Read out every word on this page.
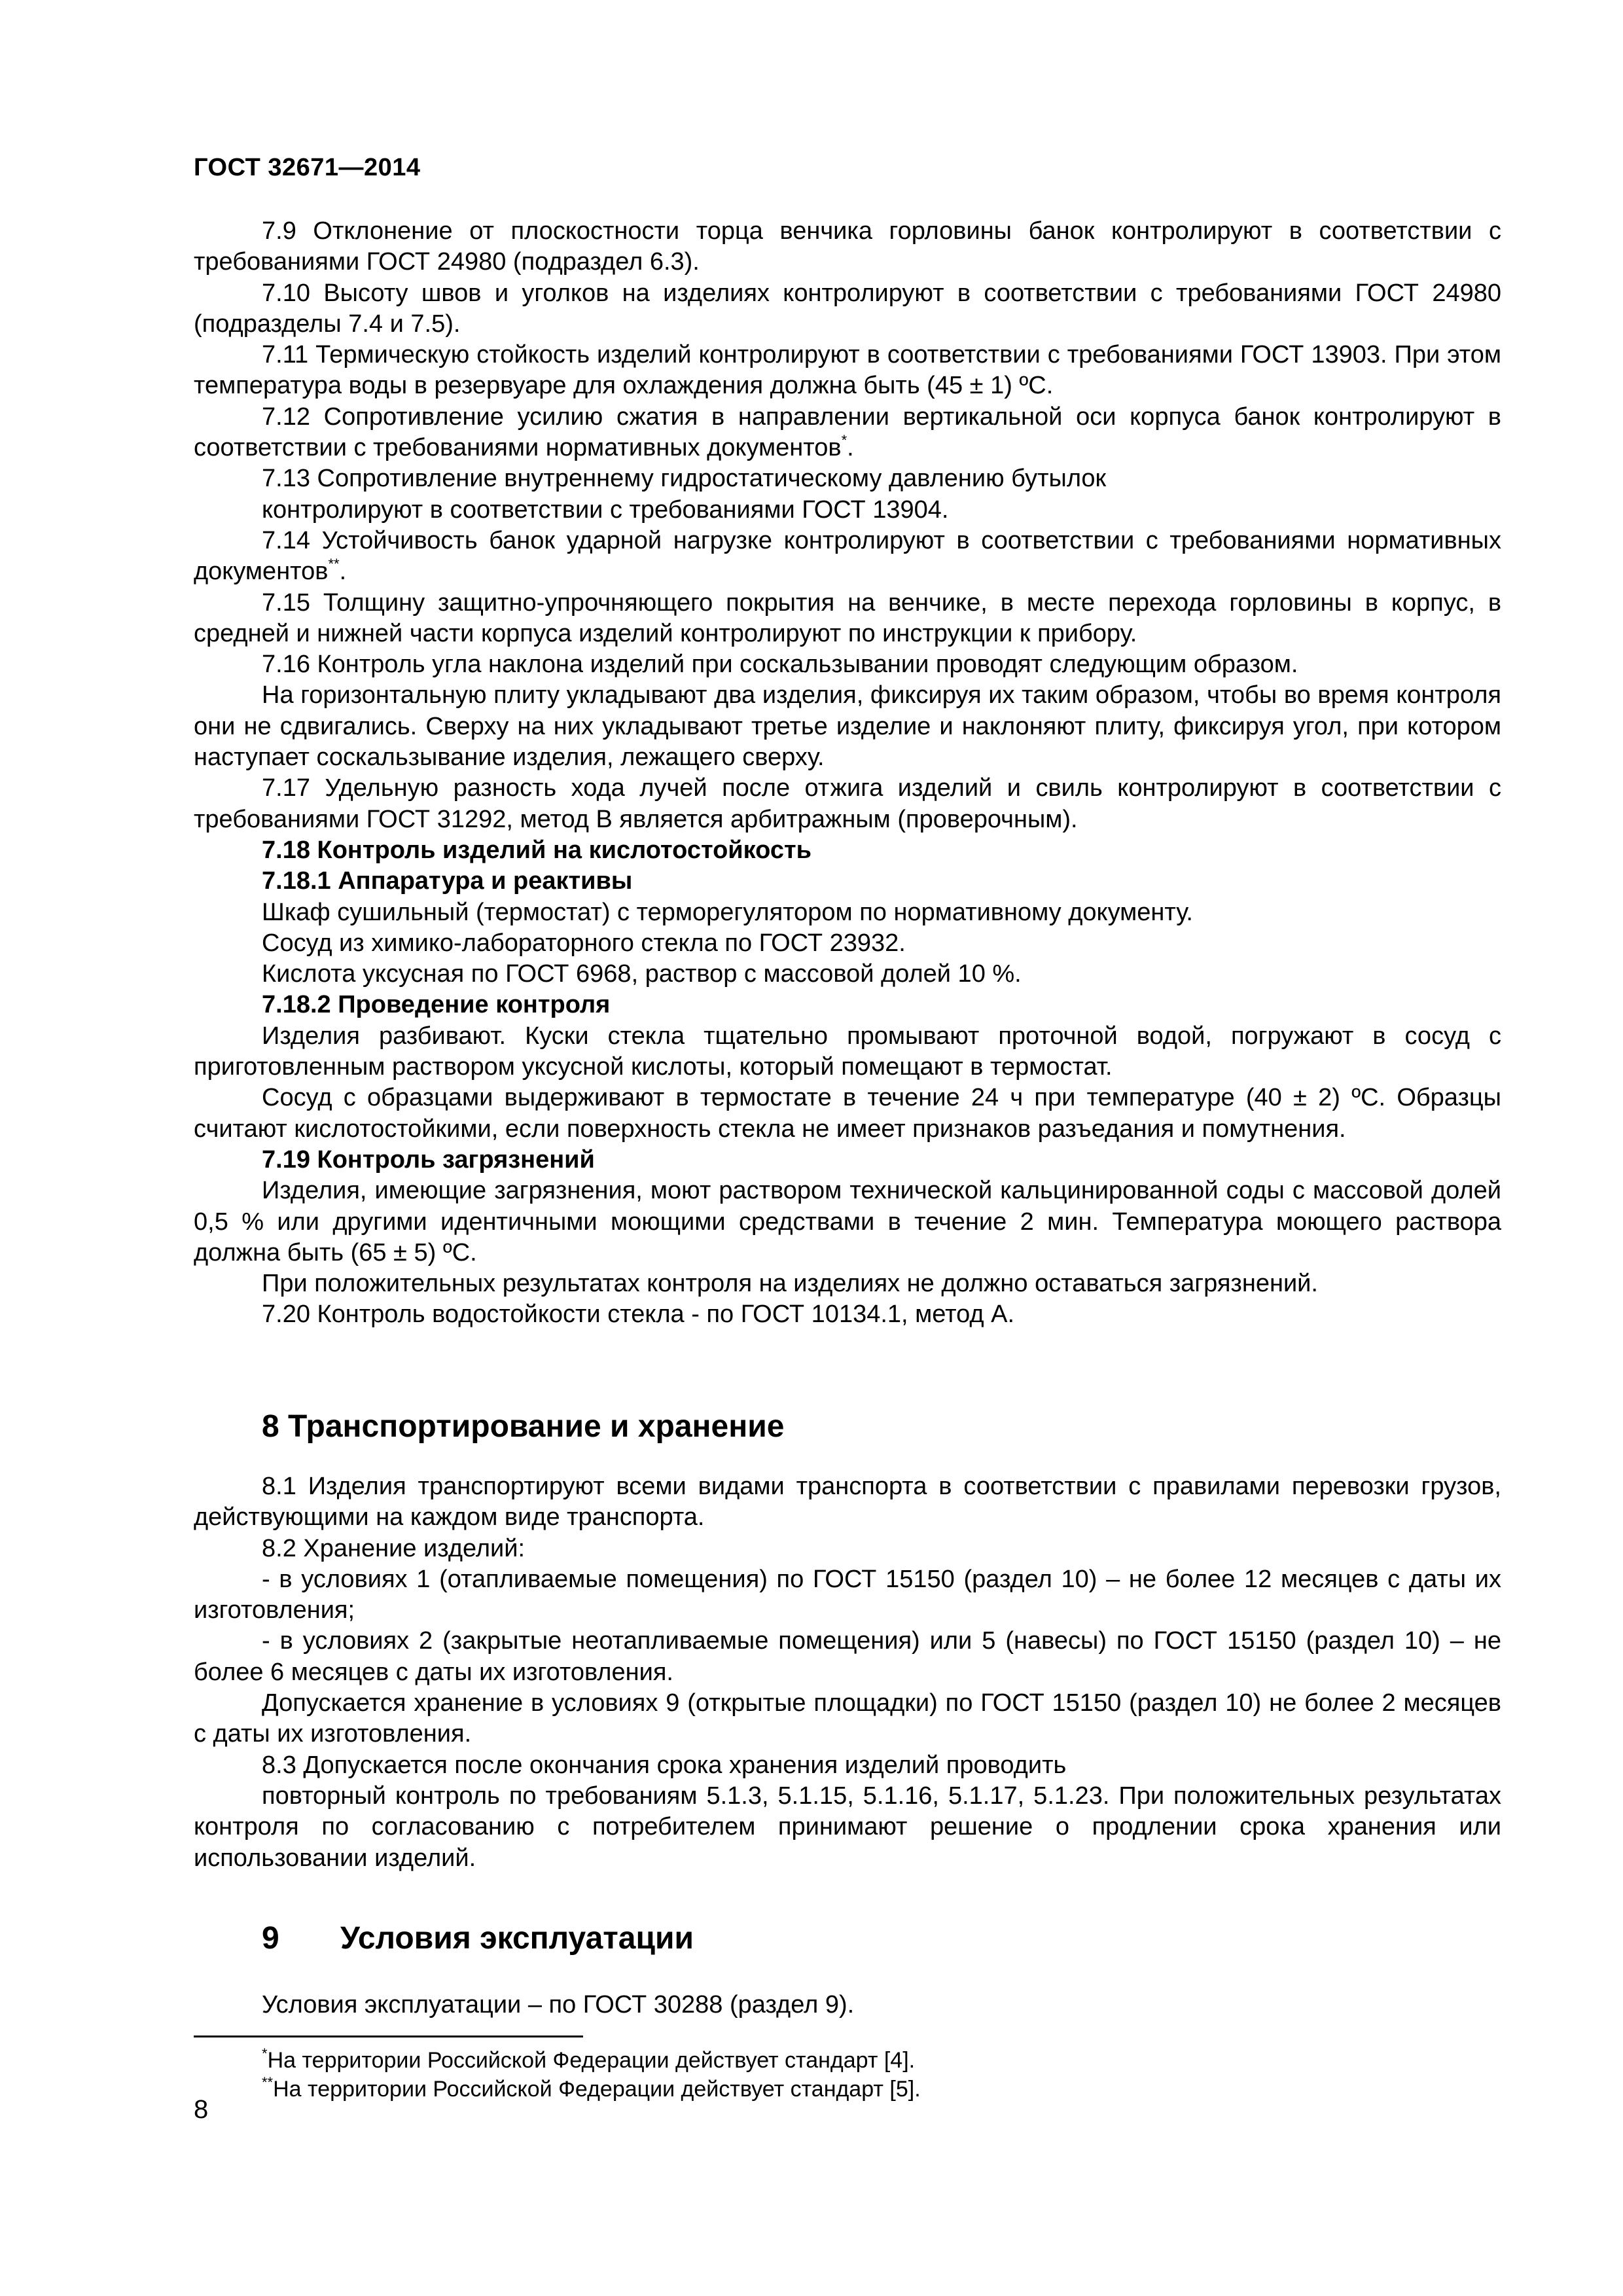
ГОСТ 32671—2014

7.9 Отклонение от плоскостности торца венчика горловины банок контролируют в соответствии с требованиями ГОСТ 24980 (подраздел 6.3).

7.10 Высоту швов и уголков на изделиях контролируют в соответствии с требованиями ГОСТ 24980 (подразделы 7.4 и 7.5).

7.11 Термическую стойкость изделий контролируют в соответствии с требованиями ГОСТ 13903. При этом температура воды в резервуаре для охлаждения должна быть (45 ± 1) ºС.

7.12 Сопротивление усилию сжатия в направлении вертикальной оси корпуса банок контролируют в соответствии с требованиями нормативных документов*.

7.13 Сопротивление внутреннему гидростатическому давлению бутылок

контролируют в соответствии с требованиями ГОСТ 13904.

7.14 Устойчивость банок ударной нагрузке контролируют в соответствии с требованиями нормативных документов**.

7.15 Толщину защитно-упрочняющего покрытия на венчике, в месте перехода горловины в корпус, в средней и нижней части корпуса изделий контролируют по инструкции к прибору.

7.16 Контроль угла наклона изделий при соскальзывании проводят следующим образом.

На горизонтальную плиту укладывают два изделия, фиксируя их таким образом, чтобы во время контроля они не сдвигались. Сверху на них укладывают третье изделие и наклоняют плиту, фиксируя угол, при котором наступает соскальзывание изделия, лежащего сверху.

7.17 Удельную разность хода лучей после отжига изделий и свиль контролируют в соответствии с требованиями ГОСТ 31292, метод В является арбитражным (проверочным).

7.18 Контроль изделий на кислотостойкость

7.18.1 Аппаратура и реактивы

Шкаф сушильный (термостат) с терморегулятором по нормативному документу.

Сосуд из химико-лабораторного стекла по ГОСТ 23932.

Кислота уксусная по ГОСТ 6968, раствор с массовой долей 10 %.

7.18.2 Проведение контроля

Изделия разбивают. Куски стекла тщательно промывают проточной водой, погружают в сосуд с приготовленным раствором уксусной кислоты, который помещают в термостат.

Сосуд с образцами выдерживают в термостате в течение 24 ч при температуре (40 ± 2) ºС. Образцы считают кислотостойкими, если поверхность стекла не имеет признаков разъедания и помутнения.

7.19 Контроль загрязнений

Изделия, имеющие загрязнения, моют раствором технической кальцинированной соды с массовой долей 0,5 % или другими идентичными моющими средствами в течение 2 мин. Температура моющего раствора должна быть (65 ± 5) ºС.

При положительных результатах контроля на изделиях не должно оставаться загрязнений.

7.20 Контроль водостойкости стекла - по ГОСТ 10134.1, метод А.

8 Транспортирование и хранение

8.1 Изделия транспортируют всеми видами транспорта в соответствии с правилами перевозки грузов, действующими на каждом виде транспорта.

8.2 Хранение изделий:

- в условиях 1 (отапливаемые помещения) по ГОСТ 15150 (раздел 10) – не более 12 месяцев с даты их изготовления;

- в условиях 2 (закрытые неотапливаемые помещения) или 5 (навесы) по ГОСТ 15150 (раздел 10) – не более 6 месяцев с даты их изготовления.

Допускается хранение в условиях 9 (открытые площадки) по ГОСТ 15150 (раздел 10) не более 2 месяцев с даты их изготовления.

8.3 Допускается после окончания срока хранения изделий проводить

повторный контроль по требованиям 5.1.3, 5.1.15, 5.1.16, 5.1.17, 5.1.23. При положительных результатах контроля по согласованию с потребителем принимают решение о продлении срока хранения или использовании изделий.

9 Условия эксплуатации

Условия эксплуатации – по ГОСТ 30288 (раздел 9).

*На территории Российской Федерации действует стандарт [4].
**На территории Российской Федерации действует стандарт [5].
8
